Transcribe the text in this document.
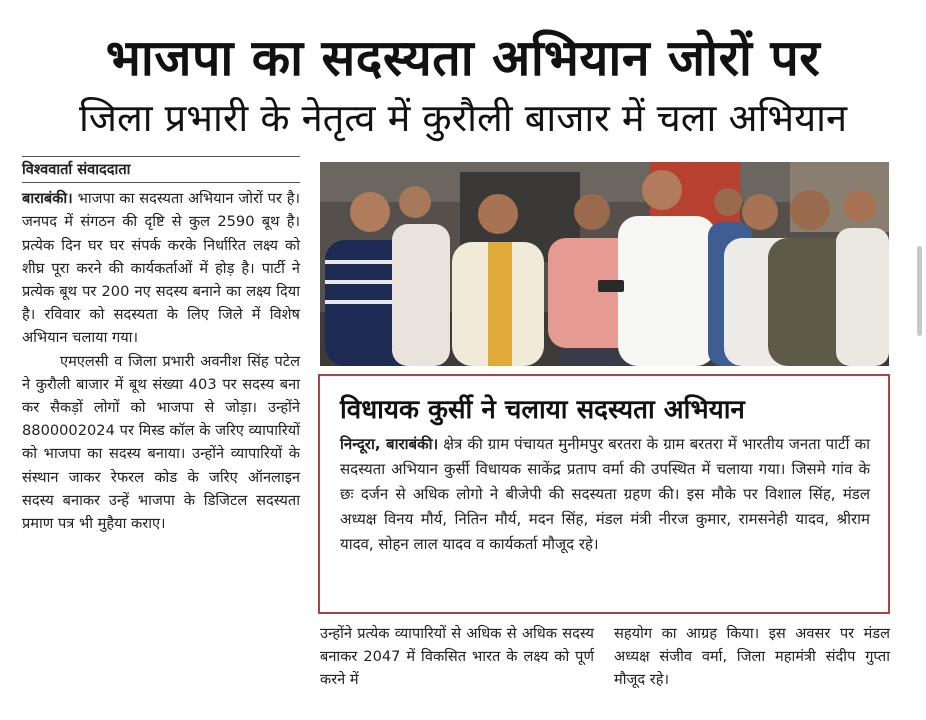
भाजपा का सदस्यता अभियान जोरों पर
जिला प्रभारी के नेतृत्व में कुरौली बाजार में चला अभियान
विश्ववार्ता संवाददाता

बाराबंकी। भाजपा का सदस्यता अभियान जोरों पर है। जनपद में संगठन की दृष्टि से कुल 2590 बूथ है। प्रत्येक दिन घर घर संपर्क करके निर्धारित लक्ष्य को शीघ्र पूरा करने की कार्यकर्ताओं में होड़ है। पार्टी ने प्रत्येक बूथ पर 200 नए सदस्य बनाने का लक्ष्य दिया है। रविवार को सदस्यता के लिए जिले में विशेष अभियान चलाया गया।

एमएलसी व जिला प्रभारी अवनीश सिंह पटेल ने कुरौली बाजार में बूथ संख्या 403 पर सदस्य बना कर सैकड़ों लोगों को भाजपा से जोड़ा। उन्होंने 8800002024 पर मिस्ड कॉल के जरिए व्यापारियों को भाजपा का सदस्य बनाया। उन्होंने व्यापारियों के संस्थान जाकर रेफरल कोड के जरिए ऑनलाइन सदस्य बनाकर उन्हें भाजपा के डिजिटल सदस्यता प्रमाण पत्र भी मुहैया कराए।

विधायक कुर्सी ने चलाया सदस्यता अभियान

निन्दूरा, बाराबंकी। क्षेत्र की ग्राम पंचायत मुनीमपुर बरतरा के ग्राम बरतरा में भारतीय जनता पार्टी का सदस्यता अभियान कुर्सी विधायक साकेंद्र प्रताप वर्मा की उपस्थित में चलाया गया। जिसमे गांव के छः दर्जन से अधिक लोगो ने बीजेपी की सदस्यता ग्रहण की। इस मौके पर विशाल सिंह, मंडल अध्यक्ष विनय मौर्य, नितिन मौर्य, मदन सिंह, मंडल मंत्री नीरज कुमार, रामसनेही यादव, श्रीराम यादव, सोहन लाल यादव व कार्यकर्ता मौजूद रहे।

उन्होंने प्रत्येक व्यापारियों से अधिक से अधिक सदस्य बनाकर 2047 में विकसित भारत के लक्ष्य को पूर्ण करने में

सहयोग का आग्रह किया। इस अवसर पर मंडल अध्यक्ष संजीव वर्मा, जिला महामंत्री संदीप गुप्ता मौजूद रहे।
